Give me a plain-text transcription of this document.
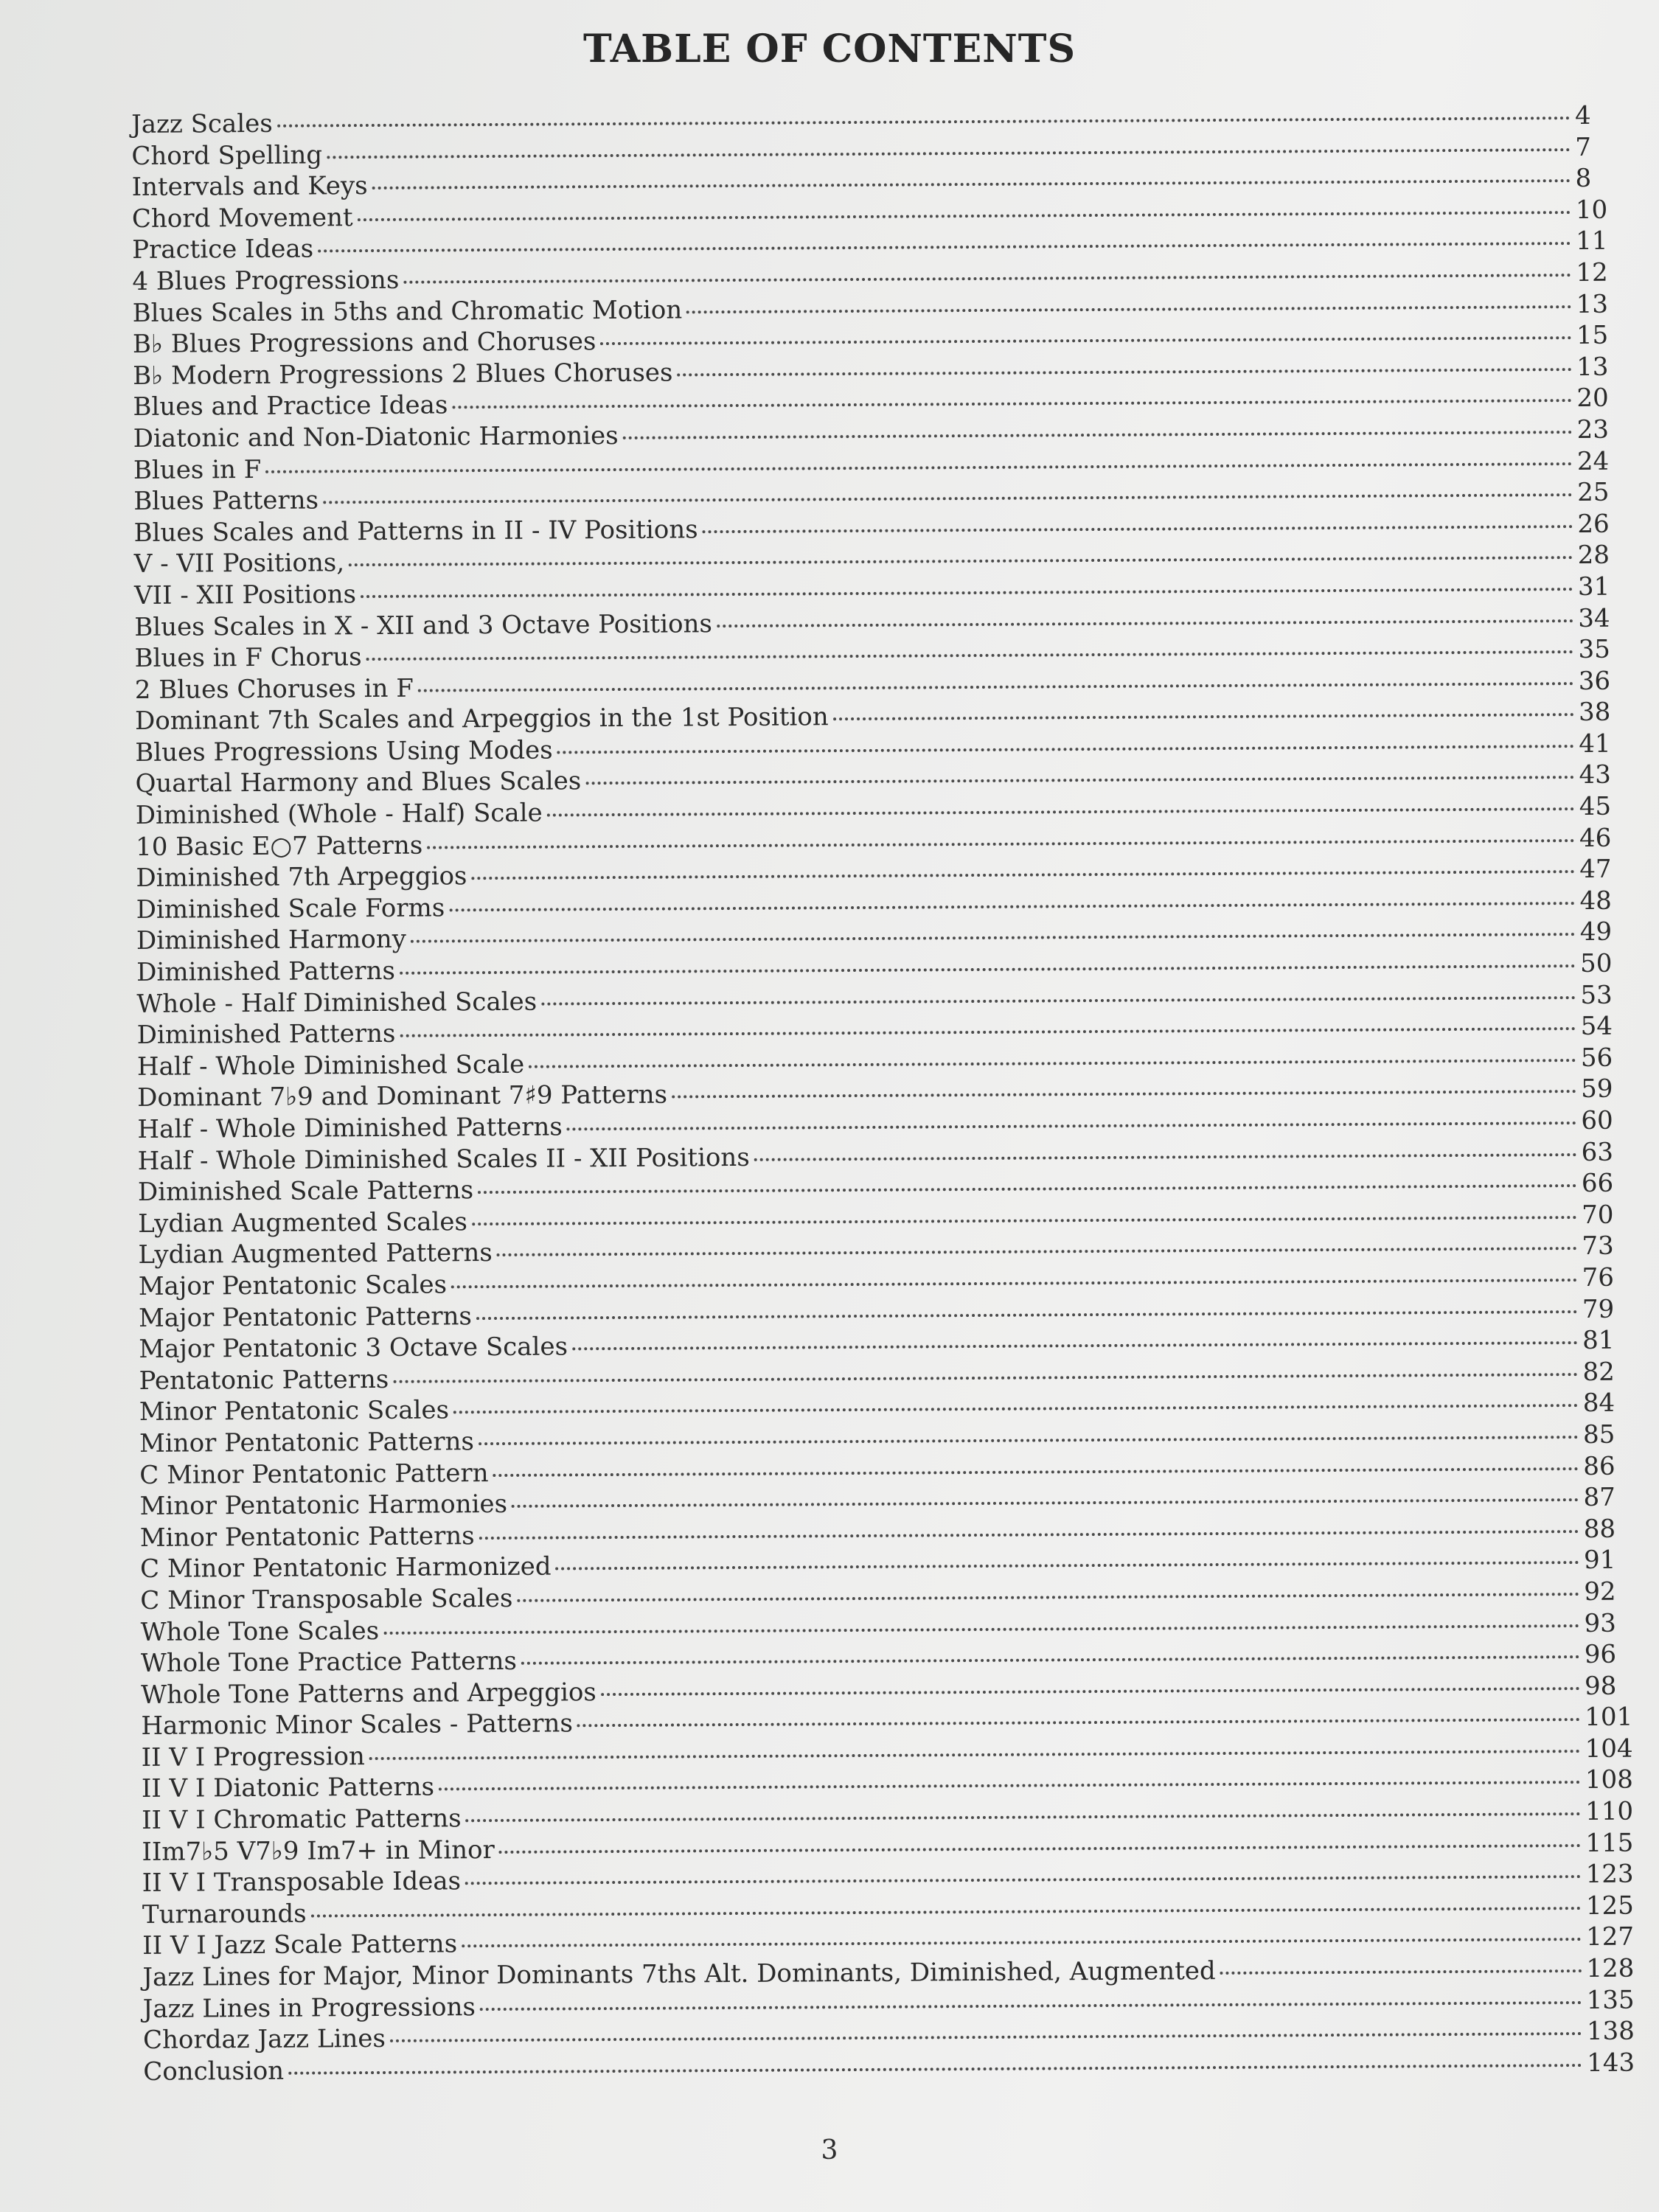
TABLE OF CONTENTS
Jazz Scales	4
Chord Spelling	7
Intervals and Keys	8
Chord Movement	10
Practice Ideas	11
4 Blues Progressions	12
Blues Scales in 5ths and Chromatic Motion	13
B♭ Blues Progressions and Choruses	15
B♭ Modern Progressions 2 Blues Choruses	13
Blues and Practice Ideas	20
Diatonic and Non-Diatonic Harmonies	23
Blues in F	24
Blues Patterns	25
Blues Scales and Patterns in II - IV Positions	26
V - VII Positions,	28
VII - XII Positions	31
Blues Scales in X - XII and 3 Octave Positions	34
Blues in F Chorus	35
2 Blues Choruses in F	36
Dominant 7th Scales and Arpeggios in the 1st Position	38
Blues Progressions Using Modes	41
Quartal Harmony and Blues Scales	43
Diminished (Whole - Half) Scale	45
10 Basic E○7 Patterns	46
Diminished 7th Arpeggios	47
Diminished Scale Forms	48
Diminished Harmony	49
Diminished Patterns	50
Whole - Half Diminished Scales	53
Diminished Patterns	54
Half - Whole Diminished Scale	56
Dominant 7♭9 and Dominant 7♯9 Patterns	59
Half - Whole Diminished Patterns	60
Half - Whole Diminished Scales II - XII Positions	63
Diminished Scale Patterns	66
Lydian Augmented Scales	70
Lydian Augmented Patterns	73
Major Pentatonic Scales	76
Major Pentatonic Patterns	79
Major Pentatonic 3 Octave Scales	81
Pentatonic Patterns	82
Minor Pentatonic Scales	84
Minor Pentatonic Patterns	85
C Minor Pentatonic Pattern	86
Minor Pentatonic Harmonies	87
Minor Pentatonic Patterns	88
C Minor Pentatonic Harmonized	91
C Minor Transposable Scales	92
Whole Tone Scales	93
Whole Tone Practice Patterns	96
Whole Tone Patterns and Arpeggios	98
Harmonic Minor Scales - Patterns	101
II V I Progression	104
II V I Diatonic Patterns	108
II V I Chromatic Patterns	110
IIm7♭5 V7♭9 Im7+ in Minor	115
II V I Transposable Ideas	123
Turnarounds	125
II V I Jazz Scale Patterns	127
Jazz Lines for Major, Minor Dominants 7ths Alt. Dominants, Diminished, Augmented	128
Jazz Lines in Progressions	135
Chordaz Jazz Lines	138
Conclusion	143
3
